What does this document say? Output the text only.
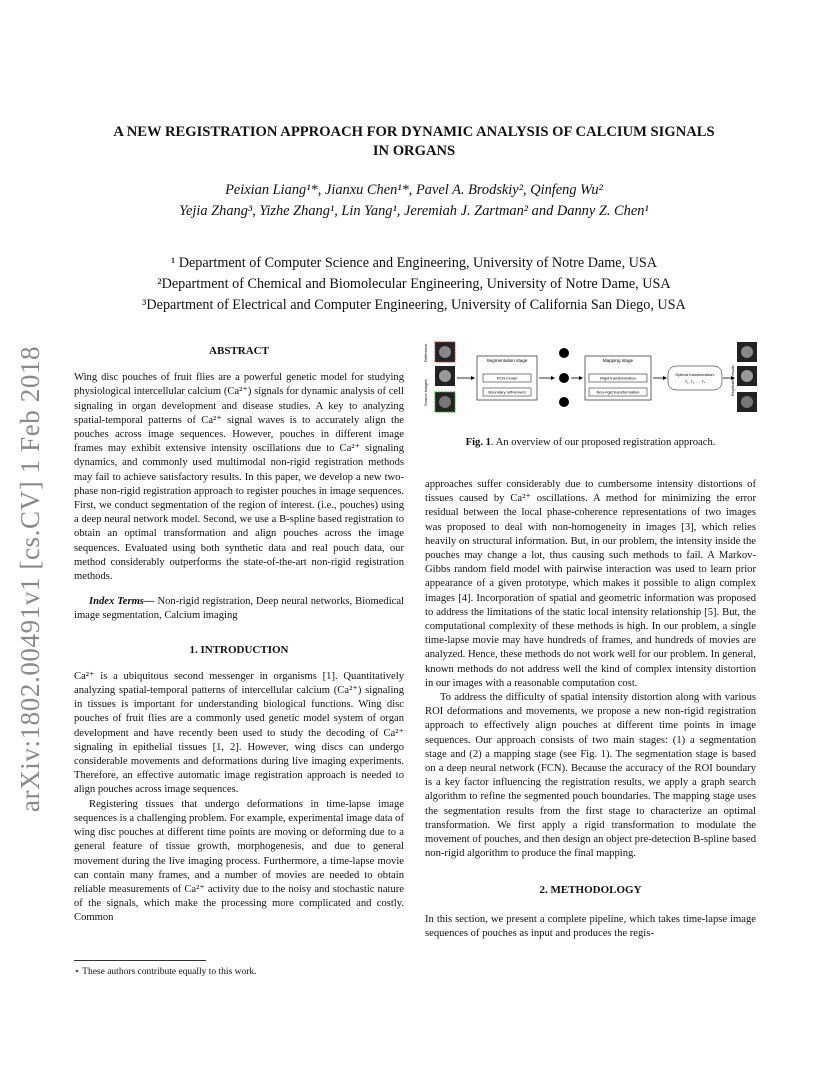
A NEW REGISTRATION APPROACH FOR DYNAMIC ANALYSIS OF CALCIUM SIGNALS
IN ORGANS
Peixian Liang¹*, Jianxu Chen¹*, Pavel A. Brodskiy², Qinfeng Wu²
Yejia Zhang³, Yizhe Zhang¹, Lin Yang¹, Jeremiah J. Zartman² and Danny Z. Chen¹
¹ Department of Computer Science and Engineering, University of Notre Dame, USA
²Department of Chemical and Biomolecular Engineering, University of Notre Dame, USA
³Department of Electrical and Computer Engineering, University of California San Diego, USA
arXiv:1802.00491v1 [cs.CV] 1 Feb 2018	ABSTRACT

Wing disc pouches of fruit flies are a powerful genetic model for studying physiological intercellular calcium (Ca²⁺) signals for dynamic analysis of cell signaling in organ development and disease studies. A key to analyzing spatial-temporal patterns of Ca²⁺ signal waves is to accurately align the pouches across image sequences. However, pouches in different image frames may exhibit extensive intensity oscillations due to Ca²⁺ signaling dynamics, and commonly used multimodal non-rigid registration methods may fail to achieve satisfactory results. In this paper, we develop a new two-phase non-rigid registration approach to register pouches in image sequences. First, we conduct segmentation of the region of interest. (i.e., pouches) using a deep neural network model. Second, we use a B-spline based registration to obtain an optimal transformation and align pouches across the image sequences. Evaluated using both synthetic data and real pouch data, our method considerably outperforms the state-of-the-art non-rigid registration methods.

Index Terms— Non-rigid registration, Deep neural networks, Biomedical image segmentation, Calcium imaging

1. INTRODUCTION

Ca²⁺ is a ubiquitous second messenger in organisms [1]. Quantitatively analyzing spatial-temporal patterns of intercellular calcium (Ca²⁺) signaling in tissues is important for understanding biological functions. Wing disc pouches of fruit flies are a commonly used genetic model system of organ development and have recently been used to study the decoding of Ca²⁺ signaling in epithelial tissues [1, 2]. However, wing discs can undergo considerable movements and deformations during live imaging experiments. Therefore, an effective automatic image registration approach is needed to align pouches across image sequences.

Registering tissues that undergo deformations in time-lapse image sequences is a challenging problem. For example, experimental image data of wing disc pouches at different time points are moving or deforming due to a general feature of tissue growth, morphogenesis, and due to general movement during the live imaging process. Furthermore, a time-lapse movie can contain many frames, and a number of movies are needed to obtain reliable measurements of Ca²⁺ activity due to the noisy and stochastic nature of the signals, which make the processing more complicated and costly. Common

⋆ These authors contribute equally to this work.
Reference
Source images
Segmentation stage
FCN model
Boundary refinement
Mapping stage
Rigid transformation
Non-rigid transformation
Optimal transformation:
T₁, T₂, ..., Tₙ	Registration results
Fig. 1. An overview of our proposed registration approach.

approaches suffer considerably due to cumbersome intensity distortions of tissues caused by Ca²⁺ oscillations. A method for minimizing the error residual between the local phase-coherence representations of two images was proposed to deal with non-homogeneity in images [3], which relies heavily on structural information. But, in our problem, the intensity inside the pouches may change a lot, thus causing such methods to fail. A Markov-Gibbs random field model with pairwise interaction was used to learn prior appearance of a given prototype, which makes it possible to align complex images [4]. Incorporation of spatial and geometric information was proposed to address the limitations of the static local intensity relationship [5]. But, the computational complexity of these methods is high. In our problem, a single time-lapse movie may have hundreds of frames, and hundreds of movies are analyzed. Hence, these methods do not work well for our problem. In general, known methods do not address well the kind of complex intensity distortion in our images with a reasonable computation cost.

To address the difficulty of spatial intensity distortion along with various ROI deformations and movements, we propose a new non-rigid registration approach to effectively align pouches at different time points in image sequences. Our approach consists of two main stages: (1) a segmentation stage and (2) a mapping stage (see Fig. 1). The segmentation stage is based on a deep neural network (FCN). Because the accuracy of the ROI boundary is a key factor influencing the registration results, we apply a graph search algorithm to refine the segmented pouch boundaries. The mapping stage uses the segmentation results from the first stage to characterize an optimal transformation. We first apply a rigid transformation to modulate the movement of pouches, and then design an object pre-detection B-spline based non-rigid algorithm to produce the final mapping.

2. METHODOLOGY

In this section, we present a complete pipeline, which takes time-lapse image sequences of pouches as input and produces the regis-
